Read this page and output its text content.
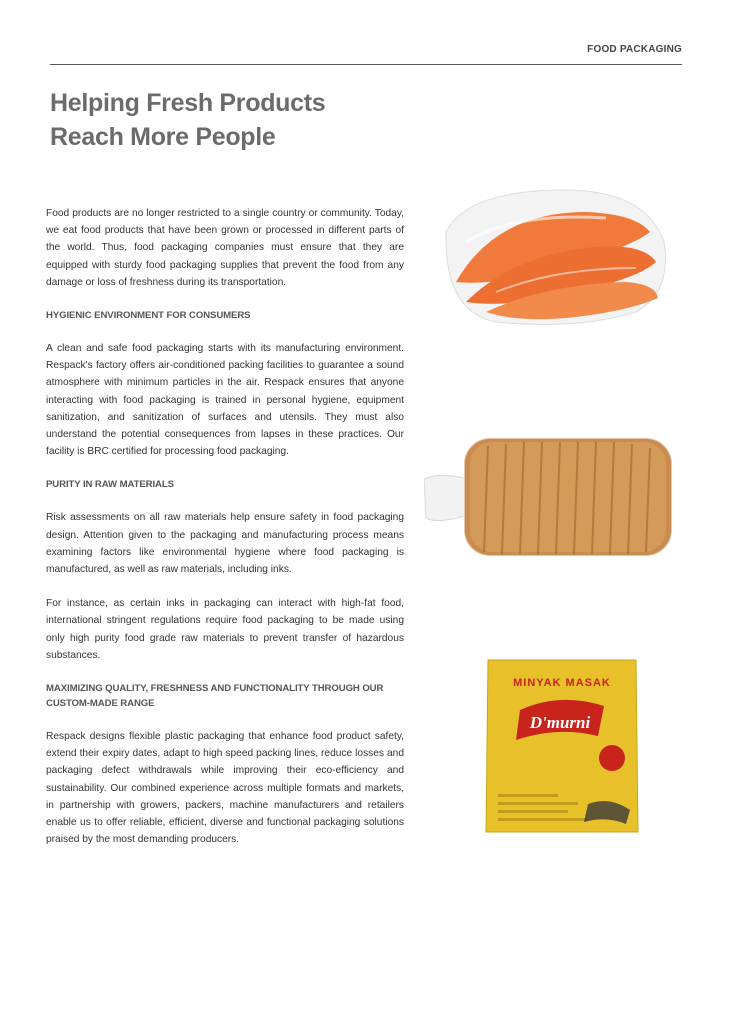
FOOD PACKAGING
Helping Fresh Products
Reach More People

Food products are no longer restricted to a single country or community. Today, we eat food products that have been grown or processed in different parts of the world. Thus, food packaging companies must ensure that they are equipped with sturdy food packaging supplies that prevent the food from any damage or loss of freshness during its transportation.

HYGIENIC ENVIRONMENT FOR CONSUMERS

A clean and safe food packaging starts with its manufacturing environment. Respack's factory offers air-conditioned packing facilities to guarantee a sound atmosphere with minimum particles in the air. Respack ensures that anyone interacting with food packaging is trained in personal hygiene, equipment sanitization, and sanitization of surfaces and utensils. They must also understand the potential consequences from lapses in these practices. Our facility is BRC certified for processing food packaging.

PURITY IN RAW MATERIALS

Risk assessments on all raw materials help ensure safety in food packaging design. Attention given to the packaging and manufacturing process means examining factors like environmental hygiene where food packaging is manufactured, as well as raw materials, including inks.

For instance, as certain inks in packaging can interact with high-fat food, international stringent regulations require food packaging to be made using only high purity food grade raw materials to prevent transfer of hazardous substances.

MAXIMIZING QUALITY, FRESHNESS AND FUNCTIONALITY THROUGH OUR CUSTOM-MADE RANGE

Respack designs flexible plastic packaging that enhance food product safety, extend their expiry dates, adapt to high speed packing lines, reduce losses and packaging defect withdrawals while improving their eco-efficiency and sustainability. Our combined experience across multiple formats and markets, in partnership with growers, packers, machine manufacturers and retailers enable us to offer reliable, efficient, diverse and functional packaging solutions praised by the most demanding producers.

MINYAK MASAK
D'murni
